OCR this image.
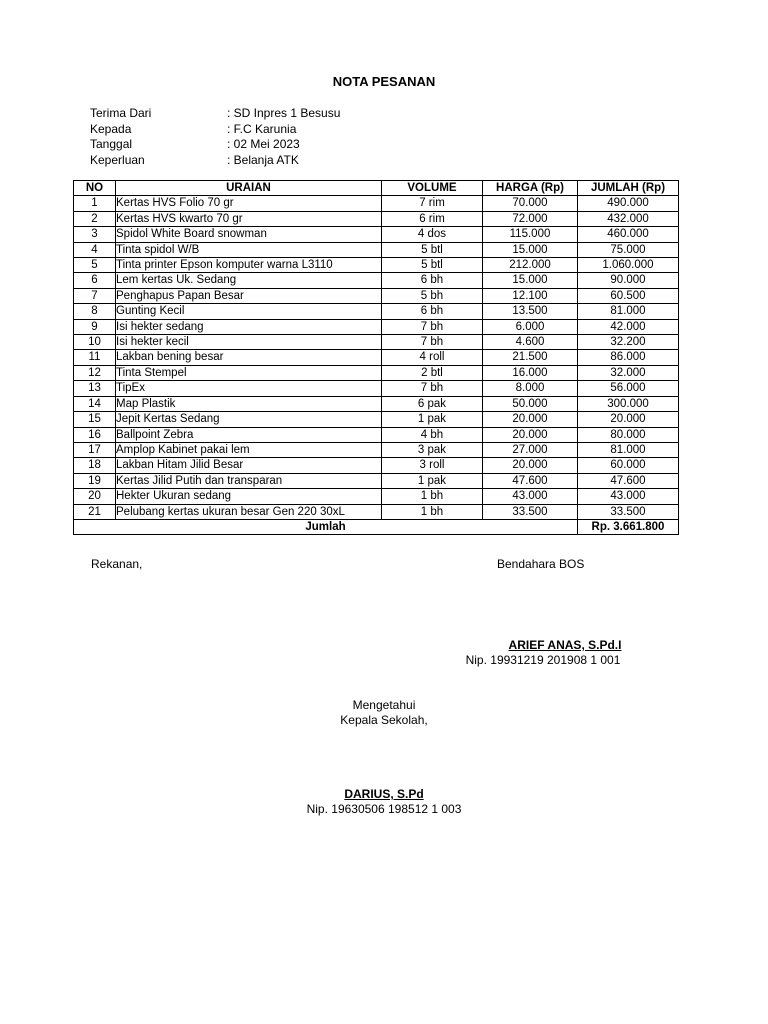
NOTA PESANAN
Terima Dari	: SD Inpres 1 Besusu
Kepada	: F.C Karunia
Tanggal	: 02 Mei 2023
Keperluan	: Belanja ATK
NO	URAIAN	VOLUME	HARGA (Rp)	JUMLAH (Rp)
1	Kertas HVS Folio 70 gr	7 rim	70.000	490.000
2	Kertas HVS kwarto 70 gr	6 rim	72.000	432.000
3	Spidol White Board snowman	4 dos	115.000	460.000
4	Tinta spidol W/B	5 btl	15.000	75.000
5	Tinta printer Epson komputer warna L3110	5 btl	212.000	1.060.000
6	Lem kertas Uk. Sedang	6 bh	15.000	90.000
7	Penghapus Papan Besar	5 bh	12.100	60.500
8	Gunting Kecil	6 bh	13.500	81.000
9	Isi hekter sedang	7 bh	6.000	42.000
10	Isi hekter kecil	7 bh	4.600	32.200
11	Lakban bening besar	4 roll	21.500	86.000
12	Tinta Stempel	2 btl	16.000	32.000
13	TipEx	7 bh	8.000	56.000
14	Map Plastik	6 pak	50.000	300.000
15	Jepit Kertas Sedang	1 pak	20.000	20.000
16	Ballpoint Zebra	4 bh	20.000	80.000
17	Amplop Kabinet pakai lem	3 pak	27.000	81.000
18	Lakban Hitam Jilid Besar	3 roll	20.000	60.000
19	Kertas Jilid Putih dan transparan	1 pak	47.600	47.600
20	Hekter Ukuran sedang	1 bh	43.000	43.000
21	Pelubang kertas ukuran besar Gen 220 30xL	1 bh	33.500	33.500
Jumlah				Rp. 3.661.800
Rekanan,	Bendahara BOS
ARIEF ANAS, S.Pd.I
Nip. 19931219 201908 1 001
Mengetahui
Kepala Sekolah,
DARIUS, S.Pd
Nip. 19630506 198512 1 003
